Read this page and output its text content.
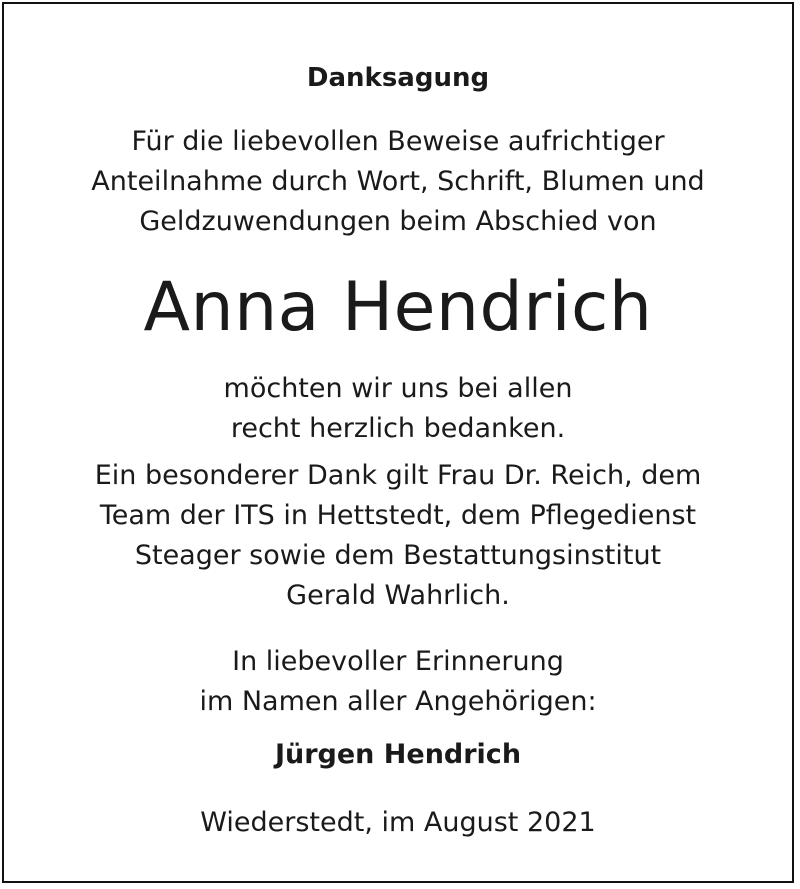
Danksagung
Für die liebevollen Beweise aufrichtiger
Anteilnahme durch Wort, Schrift, Blumen und
Geldzuwendungen beim Abschied von
Anna Hendrich
möchten wir uns bei allen
recht herzlich bedanken.
Ein besonderer Dank gilt Frau Dr. Reich, dem
Team der ITS in Hettstedt, dem Pflegedienst
Steager sowie dem Bestattungsinstitut
Gerald Wahrlich.
In liebevoller Erinnerung
im Namen aller Angehörigen:
Jürgen Hendrich
Wiederstedt, im August 2021
